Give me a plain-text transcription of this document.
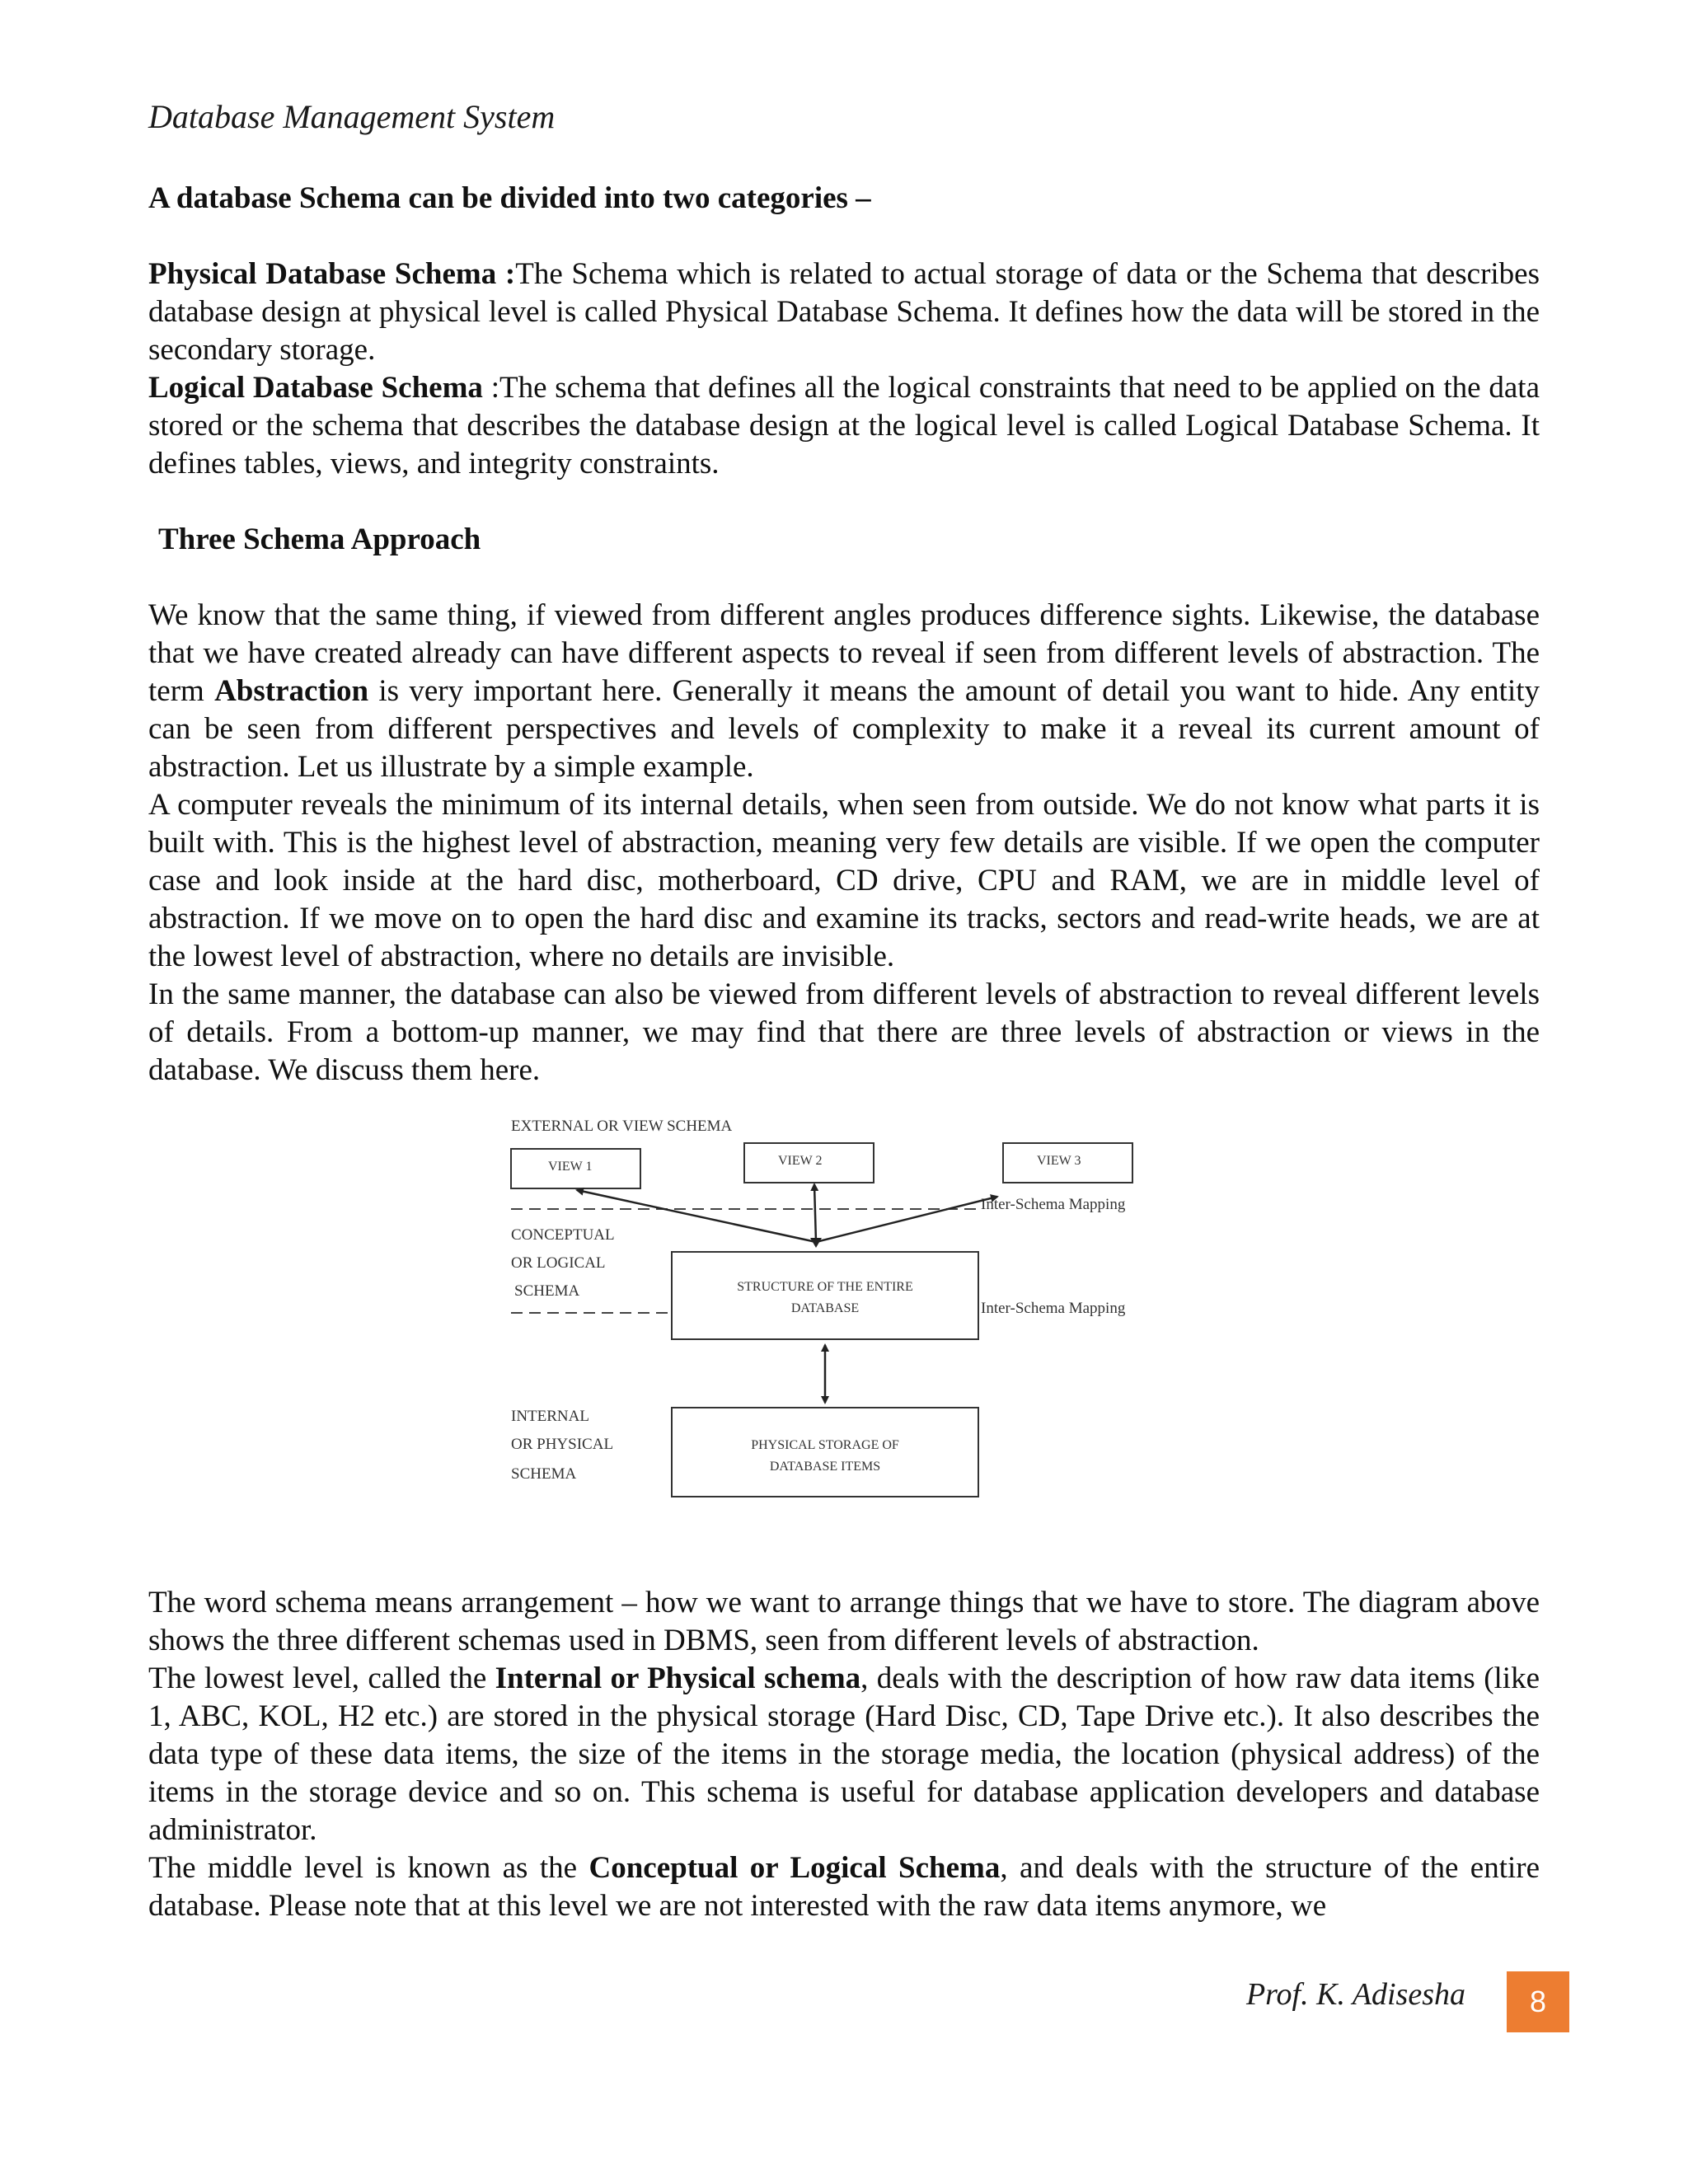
Database Management System

A database Schema can be divided into two categories –

Physical Database Schema :The Schema which is related to actual storage of data or the Schema that describes database design at physical level is called Physical Database Schema. It defines how the data will be stored in the secondary storage.

Logical Database Schema :The schema that defines all the logical constraints that need to be applied on the data stored or the schema that describes the database design at the logical level is called Logical Database Schema. It defines tables, views, and integrity constraints.

Three Schema Approach

We know that the same thing, if viewed from different angles produces difference sights. Likewise, the database that we have created already can have different aspects to reveal if seen from different levels of abstraction. The term Abstraction is very important here. Generally it means the amount of detail you want to hide. Any entity can be seen from different perspectives and levels of complexity to make it a reveal its current amount of abstraction. Let us illustrate by a simple example.

A computer reveals the minimum of its internal details, when seen from outside. We do not know what parts it is built with. This is the highest level of abstraction, meaning very few details are visible. If we open the computer case and look inside at the hard disc, motherboard, CD drive, CPU and RAM, we are in middle level of abstraction. If we move on to open the hard disc and examine its tracks, sectors and read-write heads, we are at the lowest level of abstraction, where no details are invisible.

In the same manner, the database can also be viewed from different levels of abstraction to reveal different levels of details. From a bottom-up manner, we may find that there are three levels of abstraction or views in the database. We discuss them here.

EXTERNAL OR VIEW SCHEMA
VIEW 1	VIEW 2	VIEW 3
Inter-Schema Mapping
CONCEPTUAL
OR LOGICAL
SCHEMA	STRUCTURE OF THE ENTIRE
DATABASE	Inter-Schema Mapping
INTERNAL
OR PHYSICAL
SCHEMA
PHYSICAL STORAGE OF
DATABASE ITEMS

The word schema means arrangement – how we want to arrange things that we have to store. The diagram above shows the three different schemas used in DBMS, seen from different levels of abstraction.

The lowest level, called the Internal or Physical schema, deals with the description of how raw data items (like 1, ABC, KOL, H2 etc.) are stored in the physical storage (Hard Disc, CD, Tape Drive etc.). It also describes the data type of these data items, the size of the items in the storage media, the location (physical address) of the items in the storage device and so on. This schema is useful for database application developers and database administrator.

The middle level is known as the Conceptual or Logical Schema, and deals with the structure of the entire database. Please note that at this level we are not interested with the raw data items anymore, we

Prof. K. Adisesha	8
